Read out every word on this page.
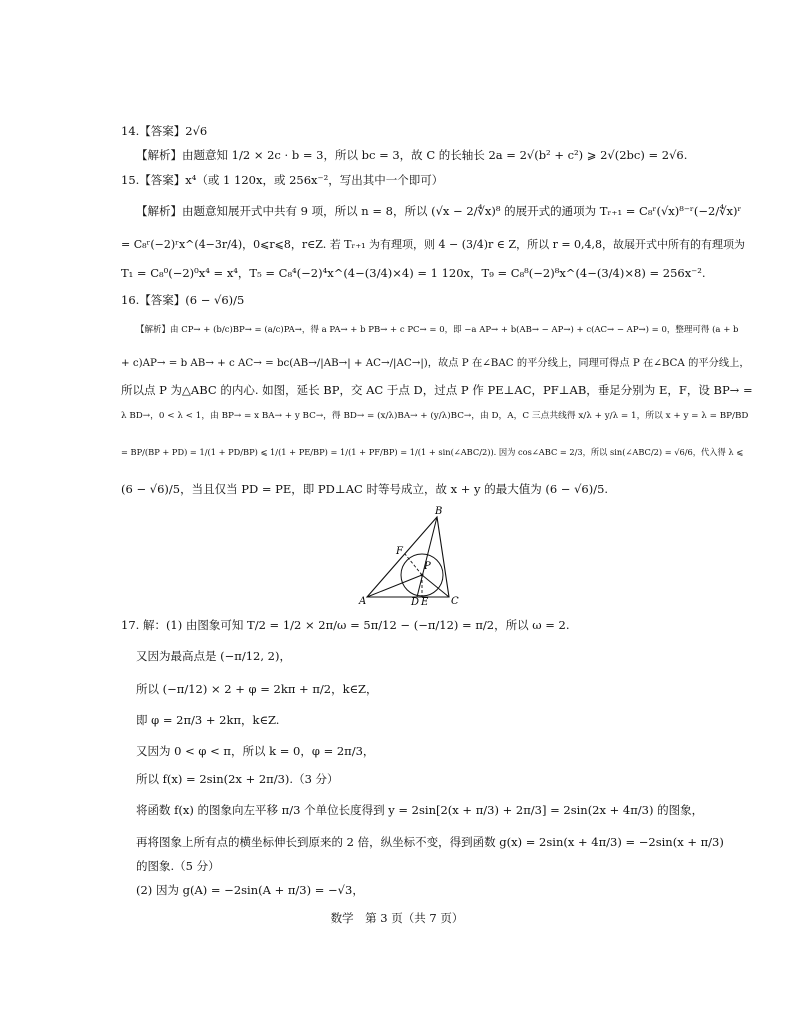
14.【答案】2√6
【解析】由题意知 1/2 × 2c · b = 3，所以 bc = 3，故 C 的长轴长 2a = 2√(b² + c²) ⩾ 2√(2bc) = 2√6.
15.【答案】x⁴（或 1 120x，或 256x⁻²，写出其中一个即可）
【解析】由题意知展开式中共有 9 项，所以 n = 8，所以 (√x − 2/∜x)⁸ 的展开式的通项为 Tᵣ₊₁ = C₈ʳ(√x)⁸⁻ʳ(−2/∜x)ʳ
= C₈ʳ(−2)ʳx^(4−3r/4)，0⩽r⩽8，r∈Z. 若 Tᵣ₊₁ 为有理项，则 4 − (3/4)r ∈ Z，所以 r = 0,4,8，故展开式中所有的有理项为
T₁ = C₈⁰(−2)⁰x⁴ = x⁴，T₅ = C₈⁴(−2)⁴x^(4−(3/4)×4) = 1 120x，T₉ = C₈⁸(−2)⁸x^(4−(3/4)×8) = 256x⁻².
16.【答案】(6 − √6)/5
【解析】由 CP→ + (b/c)BP→ = (a/c)PA→，得 a PA→ + b PB→ + c PC→ = 0，即 −a AP→ + b(AB→ − AP→) + c(AC→ − AP→) = 0，整理可得 (a + b
+ c)AP→ = b AB→ + c AC→ = bc(AB→/|AB→| + AC→/|AC→|)，故点 P 在∠BAC 的平分线上，同理可得点 P 在∠BCA 的平分线上，
所以点 P 为△ABC 的内心. 如图，延长 BP，交 AC 于点 D，过点 P 作 PE⊥AC，PF⊥AB，垂足分别为 E，F，设 BP→ =
λ BD→，0 < λ < 1，由 BP→ = x BA→ + y BC→，得 BD→ = (x/λ)BA→ + (y/λ)BC→，由 D，A，C 三点共线得 x/λ + y/λ = 1，所以 x + y = λ = BP/BD
= BP/(BP + PD) = 1/(1 + PD/BP) ⩽ 1/(1 + PE/BP) = 1/(1 + PF/BP) = 1/(1 + sin(∠ABC/2)). 因为 cos∠ABC = 2/3，所以 sin(∠ABC/2) = √6/6，代入得 λ ⩽
(6 − √6)/5，当且仅当 PD = PE，即 PD⊥AC 时等号成立，故 x + y 的最大值为 (6 − √6)/5.
B
F
P
A	D E C
17. 解：(1) 由图象可知 T/2 = 1/2 × 2π/ω = 5π/12 − (−π/12) = π/2，所以 ω = 2.
又因为最高点是 (−π/12, 2)，
所以 (−π/12) × 2 + φ = 2kπ + π/2，k∈Z，
即 φ = 2π/3 + 2kπ，k∈Z.
又因为 0 < φ < π，所以 k = 0，φ = 2π/3，
所以 f(x) = 2sin(2x + 2π/3).（3 分）
将函数 f(x) 的图象向左平移 π/3 个单位长度得到 y = 2sin[2(x + π/3) + 2π/3] = 2sin(2x + 4π/3) 的图象，
再将图象上所有点的横坐标伸长到原来的 2 倍，纵坐标不变，得到函数 g(x) = 2sin(x + 4π/3) = −2sin(x + π/3)
的图象.（5 分）
(2) 因为 g(A) = −2sin(A + π/3) = −√3，
数学　第 3 页（共 7 页）
